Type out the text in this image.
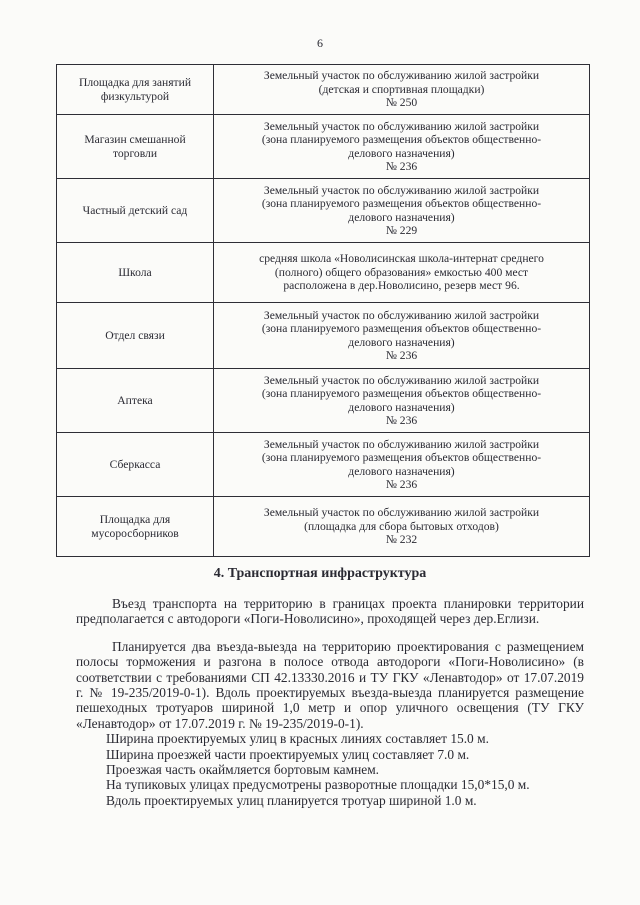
6
Площадка для занятий физкультурой	Земельный участок по обслуживанию жилой застройки
(детская и спортивная площадки)
№ 250

Магазин смешанной торговли	Земельный участок по обслуживанию жилой застройки
(зона планируемого размещения объектов общественно-
делового назначения)
№ 236

Частный детский сад	Земельный участок по обслуживанию жилой застройки
(зона планируемого размещения объектов общественно-
делового назначения)
№ 229

Школа	средняя школа «Новолисинская школа-интернат среднего
(полного) общего образования» емкостью 400 мест
расположена в дер.Новолисино, резерв мест 96.

Отдел связи	Земельный участок по обслуживанию жилой застройки
(зона планируемого размещения объектов общественно-
делового назначения)
№ 236

Аптека	Земельный участок по обслуживанию жилой застройки
(зона планируемого размещения объектов общественно-
делового назначения)
№ 236

Сберкасса	Земельный участок по обслуживанию жилой застройки
(зона планируемого размещения объектов общественно-
делового назначения)
№ 236

Площадка для мусоросборников	Земельный участок по обслуживанию жилой застройки
(площадка для сбора бытовых отходов)
№ 232
4. Транспортная инфраструктура

Въезд транспорта на территорию в границах проекта планировки территории предполагается с автодороги «Поги-Новолисино», проходящей через дер.Еглизи.

Планируется два въезда-выезда на территорию проектирования с размещением полосы торможения и разгона в полосе отвода автодороги «Поги-Новолисино» (в соответствии с требованиями СП 42.13330.2016 и ТУ ГКУ «Ленавтодор» от 17.07.2019 г. № 19-235/2019-0-1). Вдоль проектируемых въезда-выезда планируется размещение пешеходных тротуаров шириной 1,0 метр и опор уличного освещения (ТУ ГКУ «Ленавтодор» от 17.07.2019 г. № 19-235/2019-0-1).

Ширина проектируемых улиц в красных линиях составляет 15.0 м.

Ширина проезжей части проектируемых улиц составляет 7.0 м.

Проезжая часть окаймляется бортовым камнем.

На тупиковых улицах предусмотрены разворотные площадки 15,0*15,0 м.

Вдоль проектируемых улиц планируется тротуар шириной 1.0 м.
